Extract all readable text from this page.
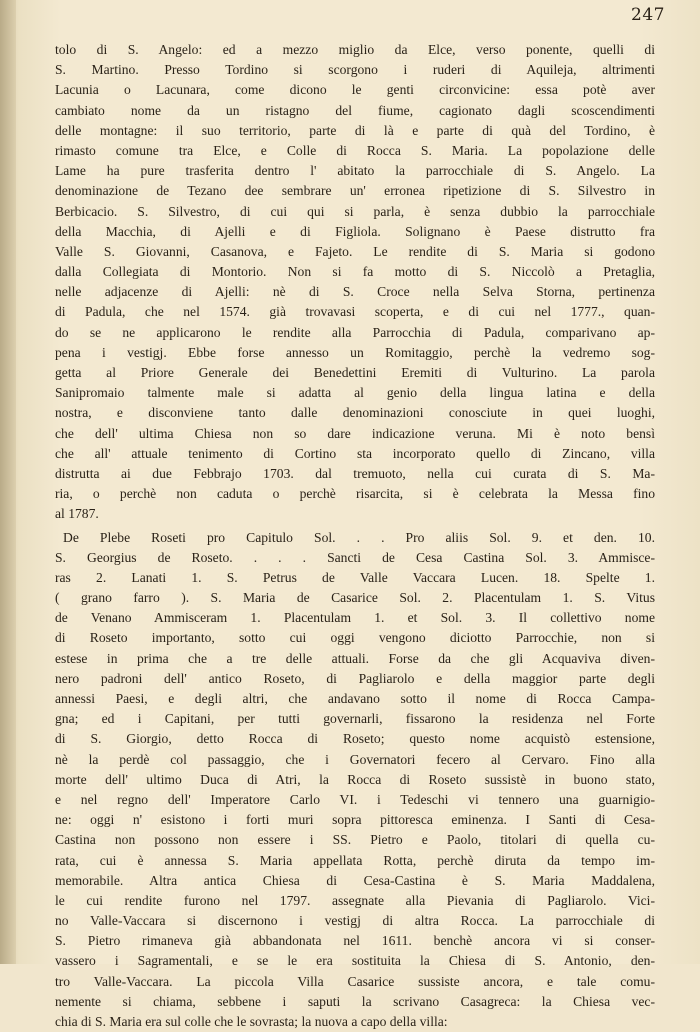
247
tolo di S. Angelo: ed a mezzo miglio da Elce, verso ponente, quelli di
S. Martino. Presso Tordino si scorgono i ruderi di Aquileja, altrimenti
Lacunia o Lacunara, come dicono le genti circonvicine: essa potè aver
cambiato nome da un ristagno del fiume, cagionato dagli scoscendimenti
delle montagne: il suo territorio, parte di là e parte di quà del Tordino, è
rimasto comune tra Elce, e Colle di Rocca S. Maria. La popolazione delle
Lame ha pure trasferita dentro l' abitato la parrocchiale di S. Angelo. La
denominazione de Tezano dee sembrare un' erronea ripetizione di S. Silvestro in
Berbicacio. S. Silvestro, di cui qui si parla, è senza dubbio la parrocchiale
della Macchia, di Ajelli e di Figliola. Solignano è Paese distrutto fra
Valle S. Giovanni, Casanova, e Fajeto. Le rendite di S. Maria si godono
dalla Collegiata di Montorio. Non si fa motto di S. Niccolò a Pretaglia,
nelle adjacenze di Ajelli: nè di S. Croce nella Selva Storna, pertinenza
di Padula, che nel 1574. già trovavasi scoperta, e di cui nel 1777., quan-
do se ne applicarono le rendite alla Parrocchia di Padula, comparivano ap-
pena i vestigj. Ebbe forse annesso un Romitaggio, perchè la vedremo sog-
getta al Priore Generale dei Benedettini Eremiti di Vulturino. La parola
Sanipromaio talmente male si adatta al genio della lingua latina e della
nostra, e disconviene tanto dalle denominazioni conosciute in quei luoghi,
che dell' ultima Chiesa non so dare indicazione veruna. Mi è noto bensì
che all' attuale tenimento di Cortino sta incorporato quello di Zincano, villa
distrutta ai due Febbrajo 1703. dal tremuoto, nella cui curata di S. Ma-
ria, o perchè non caduta o perchè risarcita, si è celebrata la Messa fino
al 1787.
De Plebe Roseti pro Capitulo Sol. . . Pro aliis Sol. 9. et den. 10.
S. Georgius de Roseto. . . . Sancti de Cesa Castina Sol. 3. Ammisce-
ras 2. Lanati 1. S. Petrus de Valle Vaccara Lucen. 18. Spelte 1.
( grano farro ). S. Maria de Casarice Sol. 2. Placentulam 1. S. Vitus
de Venano Ammisceram 1. Placentulam 1. et Sol. 3. Il collettivo nome
di Roseto importanto, sotto cui oggi vengono diciotto Parrocchie, non si
estese in prima che a tre delle attuali. Forse da che gli Acquaviva diven-
nero padroni dell' antico Roseto, di Pagliarolo e della maggior parte degli
annessi Paesi, e degli altri, che andavano sotto il nome di Rocca Campa-
gna; ed i Capitani, per tutti governarli, fissarono la residenza nel Forte
di S. Giorgio, detto Rocca di Roseto; questo nome acquistò estensione,
nè la perdè col passaggio, che i Governatori fecero al Cervaro. Fino alla
morte dell' ultimo Duca di Atri, la Rocca di Roseto sussistè in buono stato,
e nel regno dell' Imperatore Carlo VI. i Tedeschi vi tennero una guarnigio-
ne: oggi n' esistono i forti muri sopra pittoresca eminenza. I Santi di Cesa-
Castina non possono non essere i SS. Pietro e Paolo, titolari di quella cu-
rata, cui è annessa S. Maria appellata Rotta, perchè diruta da tempo im-
memorabile. Altra antica Chiesa di Cesa-Castina è S. Maria Maddalena,
le cui rendite furono nel 1797. assegnate alla Pievania di Pagliarolo. Vici-
no Valle-Vaccara si discernono i vestigj di altra Rocca. La parrocchiale di
S. Pietro rimaneva già abbandonata nel 1611. benchè ancora vi si conser-
vassero i Sagramentali, e se le era sostituita la Chiesa di S. Antonio, den-
tro Valle-Vaccara. La piccola Villa Casarice sussiste ancora, e tale comu-
nemente si chiama, sebbene i saputi la scrivano Casagreca: la Chiesa vec-
chia di S. Maria era sul colle che le sovrasta; la nuova a capo della villa:
